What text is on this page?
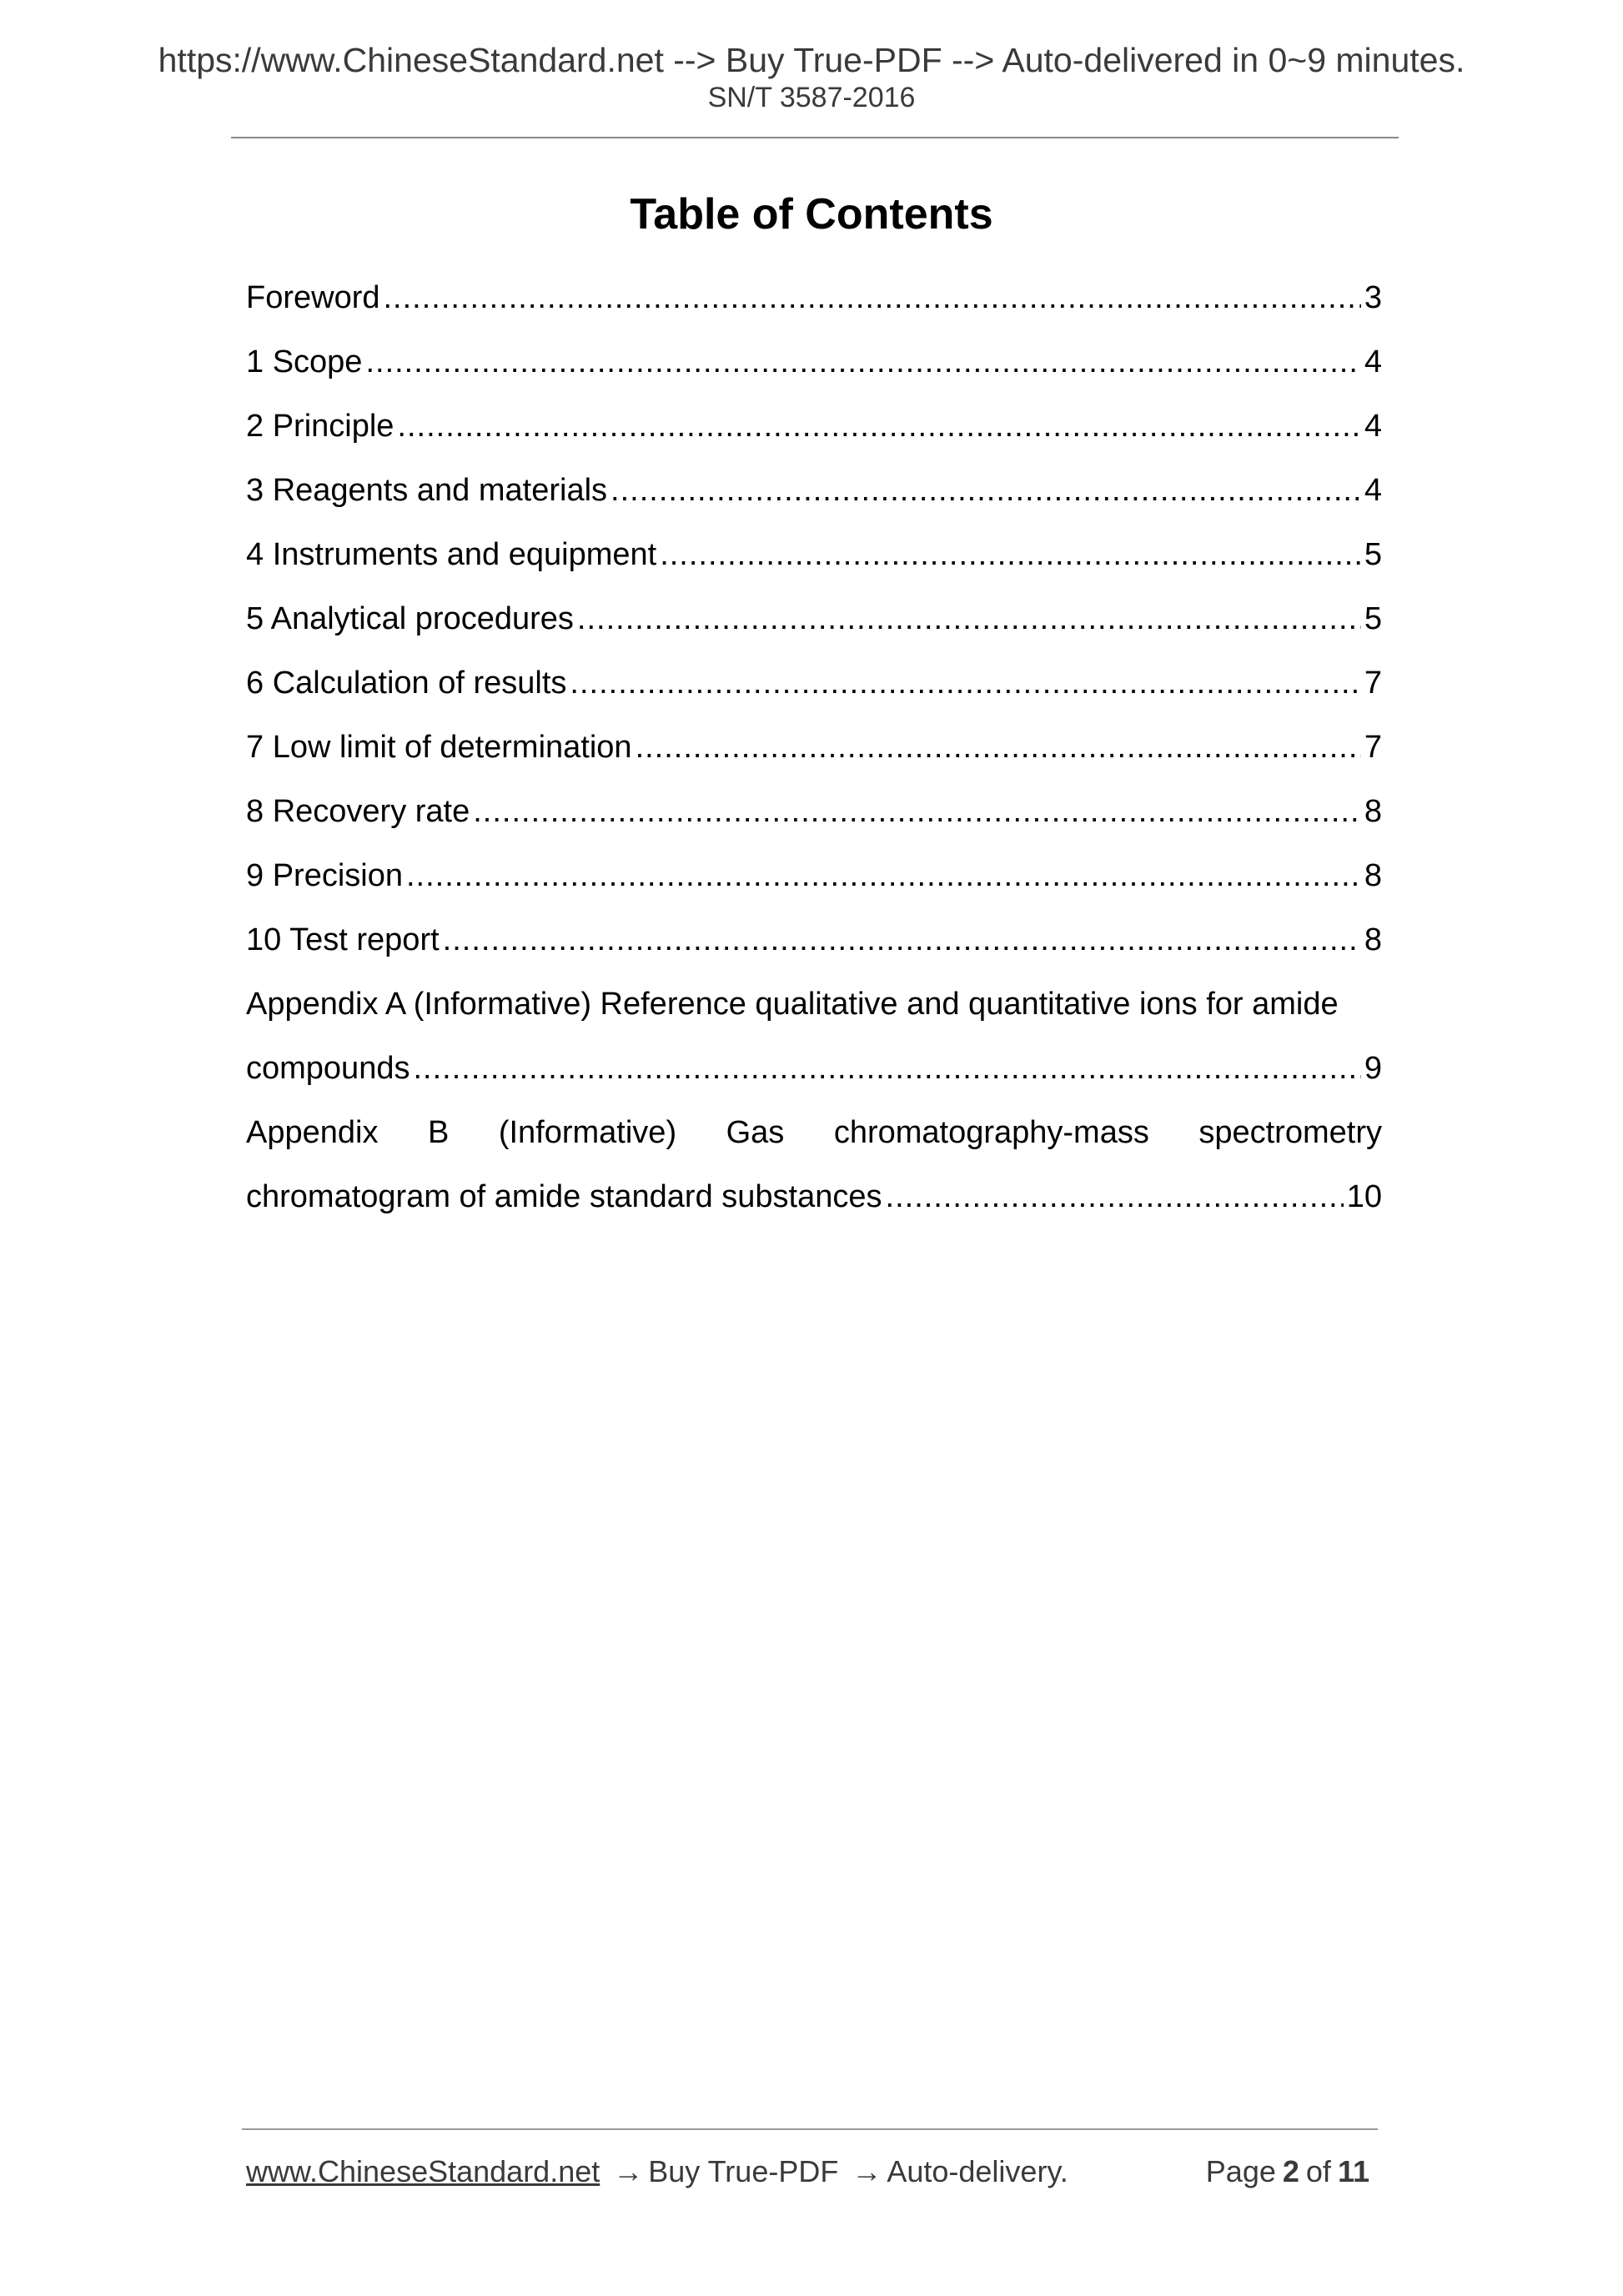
https://www.ChineseStandard.net --> Buy True-PDF --> Auto-delivered in 0~9 minutes.
SN/T 3587-2016
Table of Contents
Foreword .....	3
1 Scope .....	4
2 Principle .....	4
3 Reagents and materials .....	4
4 Instruments and equipment .....	5
5 Analytical procedures .....	5
6 Calculation of results .....	7
7 Low limit of determination .....	7
8 Recovery rate .....	8
9 Precision .....	8
10 Test report .....	8
Appendix A (Informative) Reference qualitative and quantitative ions for amide
compounds .....	9
Appendix B (Informative) Gas chromatography-mass spectrometry
chromatogram of amide standard substances .....	10
www.ChineseStandard.net → Buy True-PDF → Auto-delivery.	Page 2 of 11
